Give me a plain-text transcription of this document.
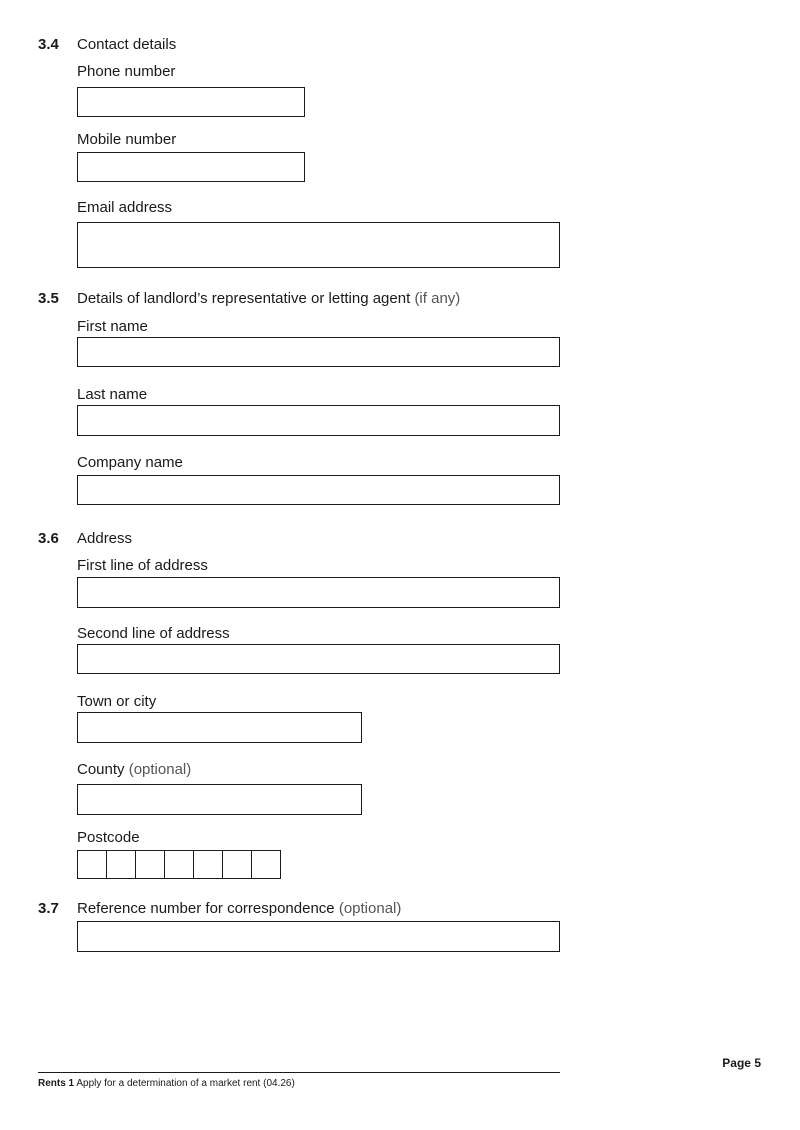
3.4 Contact details
Phone number
Mobile number
Email address
3.5 Details of landlord’s representative or letting agent (if any)
First name
Last name
Company name
3.6 Address
First line of address
Second line of address
Town or city
County (optional)
Postcode
3.7 Reference number for correspondence (optional)
Page 5
Rents 1 Apply for a determination of a market rent (04.26)
